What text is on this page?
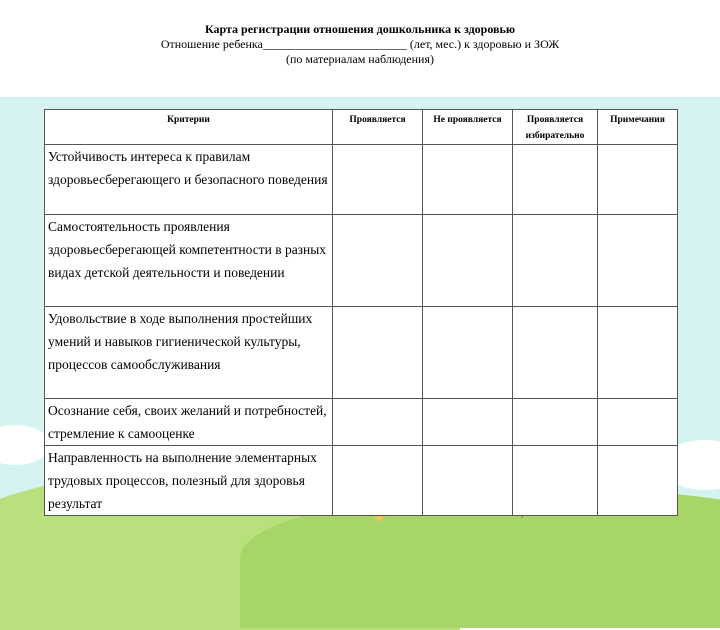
Карта регистрации отношения дошкольника к здоровью
Отношение ребенка________________________ (лет, мес.) к здоровью и ЗОЖ
(по материалам наблюдения)
Критерии	Проявляется	Не проявляется	Проявляется избирательно	Примечания
Устойчивость интереса к правилам здоровьесберегающего и безопасного поведения				
Самостоятельность проявления здоровьесберегающей компетентности в разных видах детской деятельности и поведении				
Удовольствие в ходе выполнения простейших умений и навыков гигиенической культуры, процессов самообслуживания				
Осознание себя, своих желаний и потребностей, стремление к самооценке				
Направленность на выполнение элементарных трудовых процессов, полезный для здоровья результат				
